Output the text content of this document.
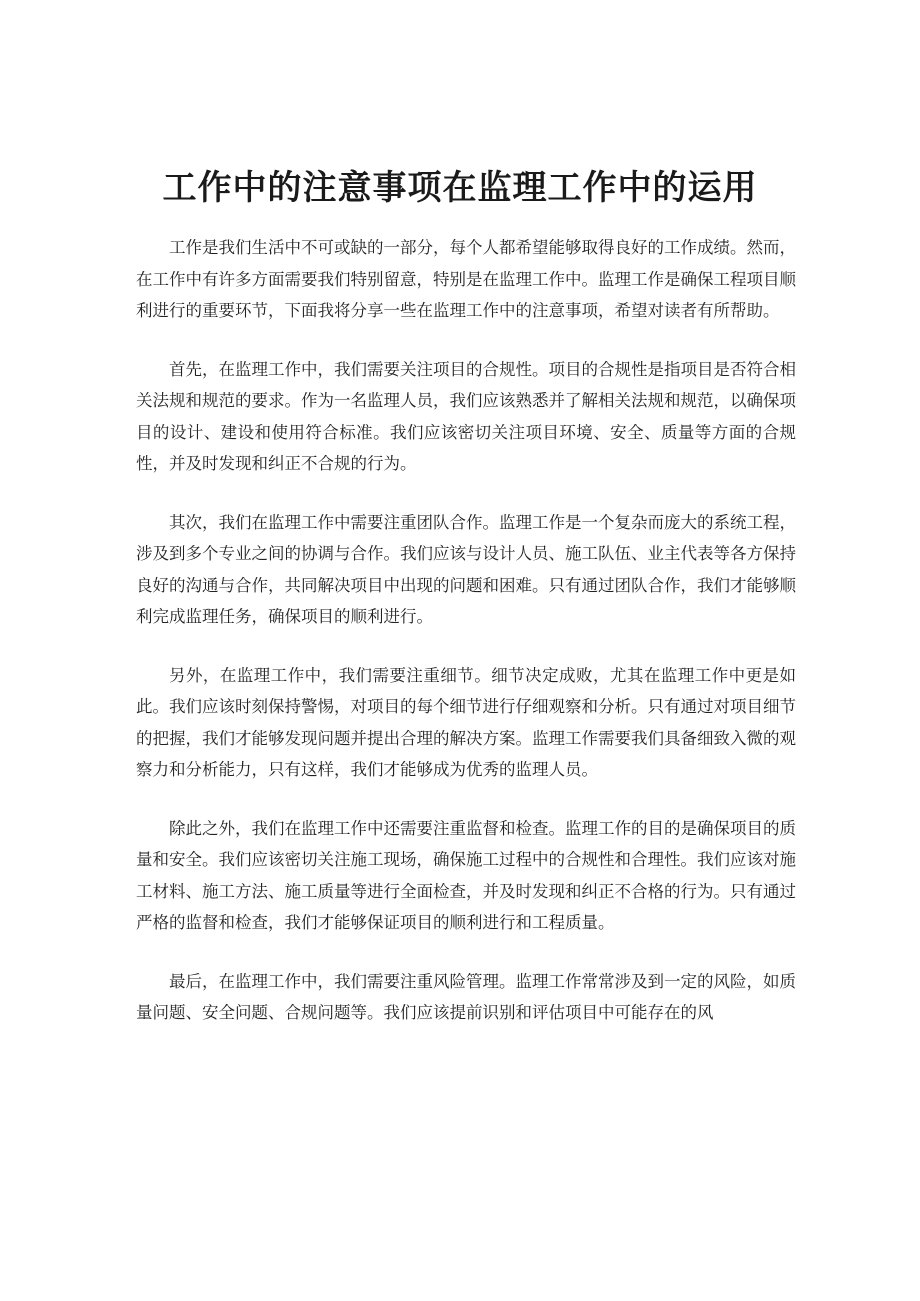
工作中的注意事项在监理工作中的运用

工作是我们生活中不可或缺的一部分，每个人都希望能够取得良好的工作成绩。然而，在工作中有许多方面需要我们特别留意，特别是在监理工作中。监理工作是确保工程项目顺利进行的重要环节，下面我将分享一些在监理工作中的注意事项，希望对读者有所帮助。

首先，在监理工作中，我们需要关注项目的合规性。项目的合规性是指项目是否符合相关法规和规范的要求。作为一名监理人员，我们应该熟悉并了解相关法规和规范，以确保项目的设计、建设和使用符合标准。我们应该密切关注项目环境、安全、质量等方面的合规性，并及时发现和纠正不合规的行为。

其次，我们在监理工作中需要注重团队合作。监理工作是一个复杂而庞大的系统工程，涉及到多个专业之间的协调与合作。我们应该与设计人员、施工队伍、业主代表等各方保持良好的沟通与合作，共同解决项目中出现的问题和困难。只有通过团队合作，我们才能够顺利完成监理任务，确保项目的顺利进行。

另外，在监理工作中，我们需要注重细节。细节决定成败，尤其在监理工作中更是如此。我们应该时刻保持警惕，对项目的每个细节进行仔细观察和分析。只有通过对项目细节的把握，我们才能够发现问题并提出合理的解决方案。监理工作需要我们具备细致入微的观察力和分析能力，只有这样，我们才能够成为优秀的监理人员。

除此之外，我们在监理工作中还需要注重监督和检查。监理工作的目的是确保项目的质量和安全。我们应该密切关注施工现场，确保施工过程中的合规性和合理性。我们应该对施工材料、施工方法、施工质量等进行全面检查，并及时发现和纠正不合格的行为。只有通过严格的监督和检查，我们才能够保证项目的顺利进行和工程质量。

最后，在监理工作中，我们需要注重风险管理。监理工作常常涉及到一定的风险，如质量问题、安全问题、合规问题等。我们应该提前识别和评估项目中可能存在的风
